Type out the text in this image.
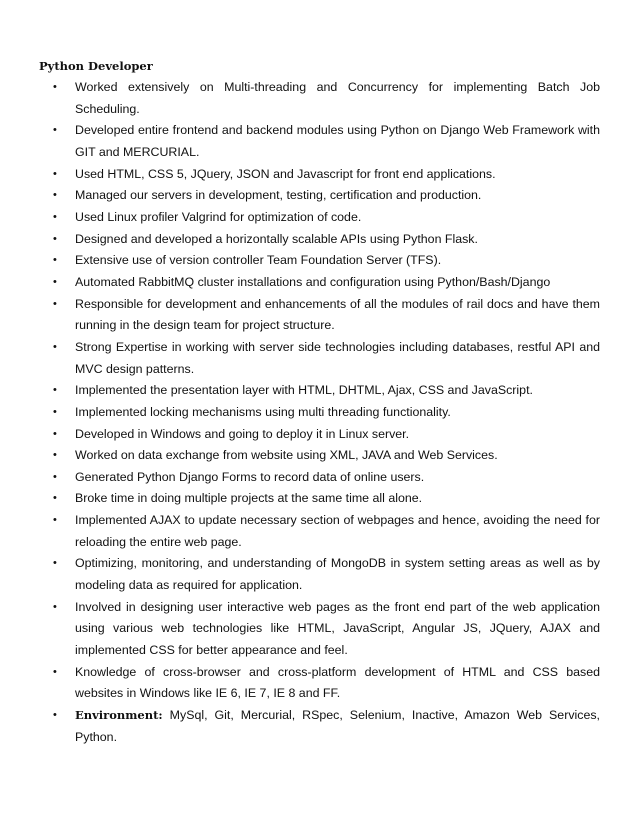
Python Developer
• Worked extensively on Multi-threading and Concurrency for implementing Batch Job Scheduling.
• Developed entire frontend and backend modules using Python on Django Web Framework with GIT and MERCURIAL.
• Used HTML, CSS 5, JQuery, JSON and Javascript for front end applications.
• Managed our servers in development, testing, certification and production.
• Used Linux profiler Valgrind for optimization of code.
• Designed and developed a horizontally scalable APIs using Python Flask.
• Extensive use of version controller Team Foundation Server (TFS).
• Automated RabbitMQ cluster installations and configuration using Python/Bash/Django
• Responsible for development and enhancements of all the modules of rail docs and have them running in the design team for project structure.
• Strong Expertise in working with server side technologies including databases, restful API and MVC design patterns.
• Implemented the presentation layer with HTML, DHTML, Ajax, CSS and JavaScript.
• Implemented locking mechanisms using multi threading functionality.
• Developed in Windows and going to deploy it in Linux server.
• Worked on data exchange from website using XML, JAVA and Web Services.
• Generated Python Django Forms to record data of online users.
• Broke time in doing multiple projects at the same time all alone.
• Implemented AJAX to update necessary section of webpages and hence, avoiding the need for reloading the entire web page.
• Optimizing, monitoring, and understanding of MongoDB in system setting areas as well as by modeling data as required for application.
• Involved in designing user interactive web pages as the front end part of the web application using various web technologies like HTML, JavaScript, Angular JS, JQuery, AJAX and implemented CSS for better appearance and feel.
• Knowledge of cross-browser and cross-platform development of HTML and CSS based websites in Windows like IE 6, IE 7, IE 8 and FF.
• Environment: MySql, Git, Mercurial, RSpec, Selenium, Inactive, Amazon Web Services, Python.
